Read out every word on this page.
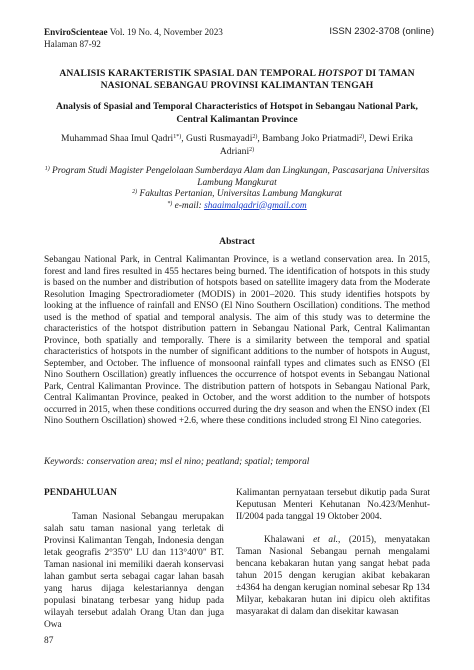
EnviroScienteae Vol. 19 No. 4, November 2023
Halaman 87-92
ISSN 2302-3708 (online)
ANALISIS KARAKTERISTIK SPASIAL DAN TEMPORAL HOTSPOT DI TAMAN NASIONAL SEBANGAU PROVINSI KALIMANTAN TENGAH
Analysis of Spasial and Temporal Characteristics of Hotspot in Sebangau National Park, Central Kalimantan Province
Muhammad Shaa Imul Qadri$^{1*)}$, Gusti Rusmayadi$^{2)}$, Bambang Joko Priatmadi$^{2)}$, Dewi Erika Adriani$^{2)}$
$^{1)}$ Program Studi Magister Pengelolaan Sumberdaya Alam dan Lingkungan, Pascasarjana Universitas Lambung Mangkurat
$^{2)}$ Fakultas Pertanian, Universitas Lambung Mangkurat
*) e-mail: shaaimalqadri@gmail.com
Abstract
Sebangau National Park, in Central Kalimantan Province, is a wetland conservation area. In 2015, forest and land fires resulted in 455 hectares being burned. The identification of hotspots in this study is based on the number and distribution of hotspots based on satellite imagery data from the Moderate Resolution Imaging Spectroradiometer (MODIS) in 2001–2020. This study identifies hotspots by looking at the influence of rainfall and ENSO (El Nino Southern Oscillation) conditions. The method used is the method of spatial and temporal analysis. The aim of this study was to determine the characteristics of the hotspot distribution pattern in Sebangau National Park, Central Kalimantan Province, both spatially and temporally. There is a similarity between the temporal and spatial characteristics of hotspots in the number of significant additions to the number of hotspots in August, September, and October. The influence of monsoonal rainfall types and climates such as ENSO (El Nino Southern Oscillation) greatly influences the occurrence of hotspot events in Sebangau National Park, Central Kalimantan Province. The distribution pattern of hotspots in Sebangau National Park, Central Kalimantan Province, peaked in October, and the worst addition to the number of hotspots occurred in 2015, when these conditions occurred during the dry season and when the ENSO index (El Nino Southern Oscillation) showed +2.6, where these conditions included strong El Nino categories.
Keywords: conservation area; msl el nino; peatland; spatial; temporal
PENDAHULUAN
Taman Nasional Sebangau merupakan salah satu taman nasional yang terletak di Provinsi Kalimantan Tengah, Indonesia dengan letak geografis 2°35'0" LU dan 113°40'0" BT. Taman nasional ini memiliki daerah konservasi lahan gambut serta sebagai cagar lahan basah yang harus dijaga kelestariannya dengan populasi binatang terbesar yang hidup pada wilayah tersebut adalah Orang Utan dan juga Owa
Kalimantan pernyataan tersebut dikutip pada Surat Keputusan Menteri Kehutanan No.423/Menhut-II/2004 pada tanggal 19 Oktober 2004.
Khalawani et al., (2015), menyatakan Taman Nasional Sebangau pernah mengalami bencana kebakaran hutan yang sangat hebat pada tahun 2015 dengan kerugian akibat kebakaran ±4364 ha dengan kerugian nominal sebesar Rp 134 Milyar, kebakaran hutan ini dipicu oleh aktifitas masyarakat di dalam dan disekitar kawasan
87
